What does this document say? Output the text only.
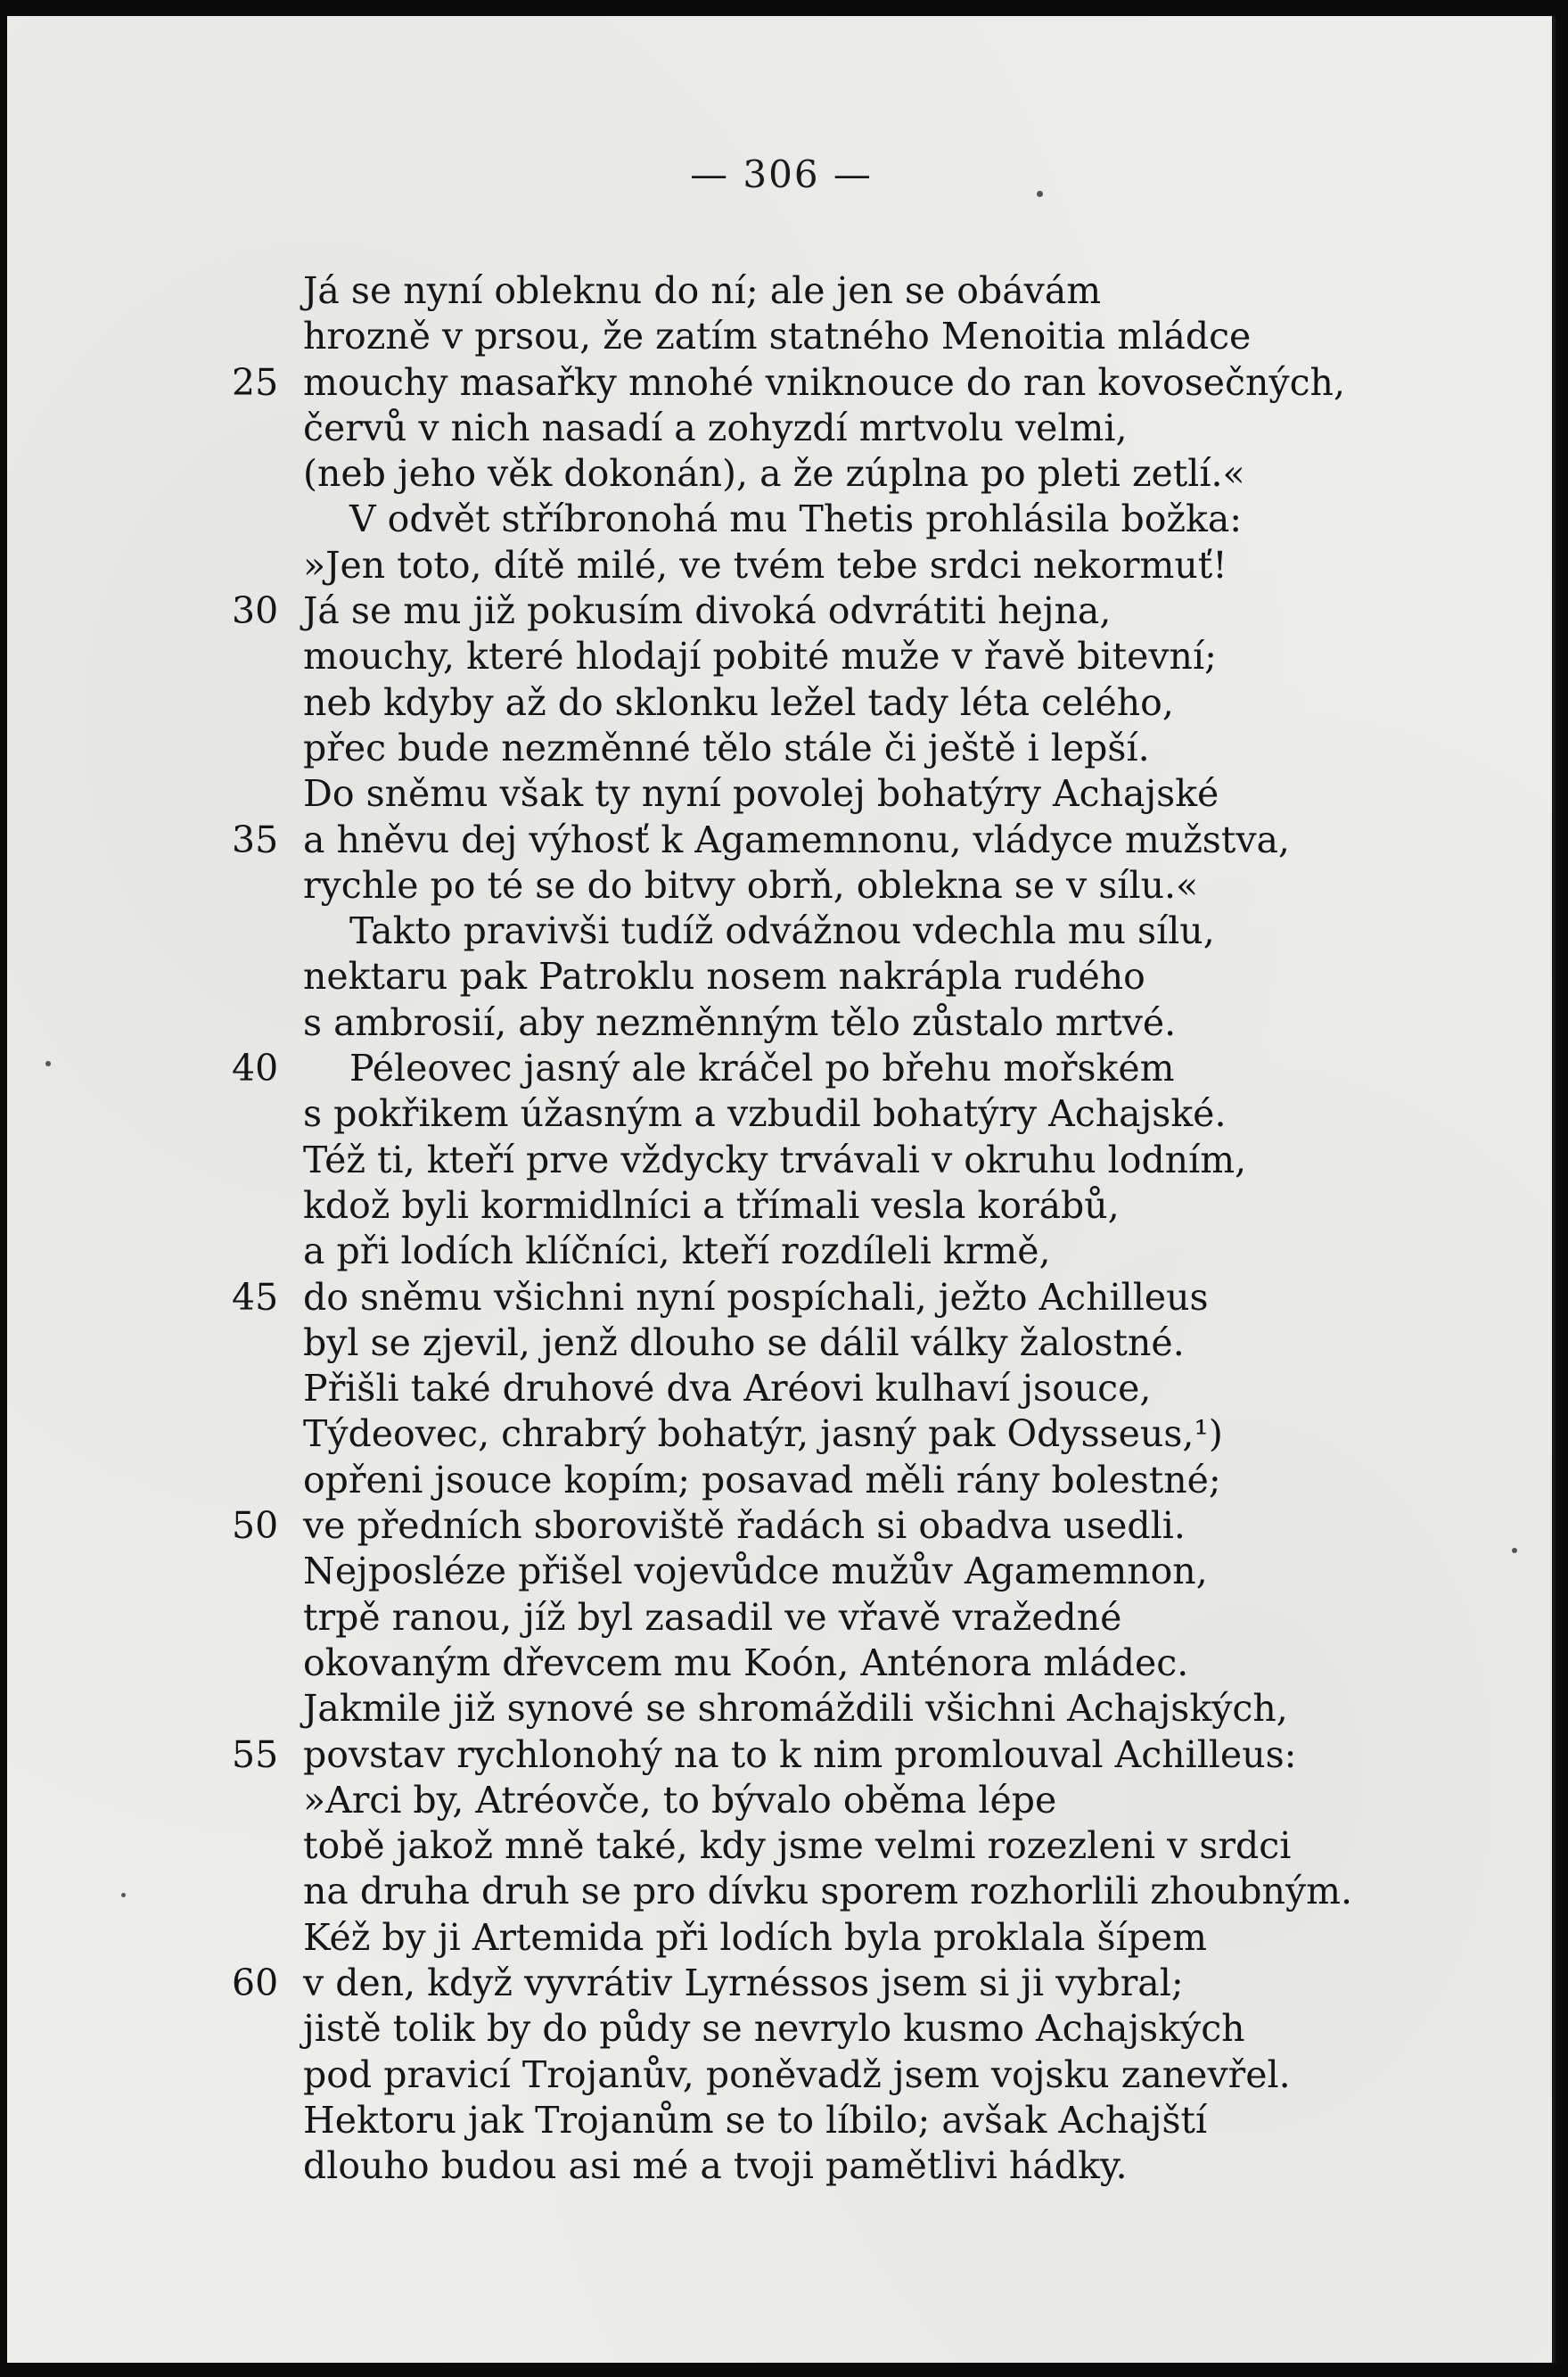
— 306 —
Já se nyní obleknu do ní; ale jen se obávám
hrozně v prsou, že zatím statného Menoitia mládce
25 mouchy masařky mnohé vniknouce do ran kovosečných,
červů v nich nasadí a zohyzdí mrtvolu velmi,
(neb jeho věk dokonán), a že zúplna po pleti zetlí.«
V odvět stříbronohá mu Thetis prohlásila božka:
»Jen toto, dítě milé, ve tvém tebe srdci nekormuť!
30 Já se mu již pokusím divoká odvrátiti hejna,
mouchy, které hlodají pobité muže v řavě bitevní;
neb kdyby až do sklonku ležel tady léta celého,
přec bude nezměnné tělo stále či ještě i lepší.
Do sněmu však ty nyní povolej bohatýry Achajské
35 a hněvu dej výhosť k Agamemnonu, vládyce mužstva,
rychle po té se do bitvy obrň, oblekna se v sílu.«
Takto pravivši tudíž odvážnou vdechla mu sílu,
nektaru pak Patroklu nosem nakrápla rudého
s ambrosií, aby nezměnným tělo zůstalo mrtvé.
40 Péleovec jasný ale kráčel po břehu mořském
s pokřikem úžasným a vzbudil bohatýry Achajské.
Též ti, kteří prve vždycky trvávali v okruhu lodním,
kdož byli kormidlníci a třímali vesla korábů,
a při lodích klíčníci, kteří rozdíleli krmě,
45 do sněmu všichni nyní pospíchali, ježto Achilleus
byl se zjevil, jenž dlouho se dálil války žalostné.
Přišli také druhové dva Aréovi kulhaví jsouce,
Týdeovec, chrabrý bohatýr, jasný pak Odysseus,¹)
opřeni jsouce kopím; posavad měli rány bolestné;
50 ve předních sboroviště řadách si obadva usedli.
Nejposléze přišel vojevůdce mužův Agamemnon,
trpě ranou, jíž byl zasadil ve vřavě vražedné
okovaným dřevcem mu Koón, Anténora mládec.
Jakmile již synové se shromáždili všichni Achajských,
55 povstav rychlonohý na to k nim promlouval Achilleus:
»Arci by, Atréovče, to bývalo oběma lépe
tobě jakož mně také, kdy jsme velmi rozezleni v srdci
na druha druh se pro dívku sporem rozhorlili zhoubným.
Kéž by ji Artemida při lodích byla proklala šípem
60 v den, když vyvrátiv Lyrnéssos jsem si ji vybral;
jistě tolik by do půdy se nevrylo kusmo Achajských
pod pravicí Trojanův, poněvadž jsem vojsku zanevřel.
Hektoru jak Trojanům se to líbilo; avšak Achajští
dlouho budou asi mé a tvoji pamětlivi hádky.
